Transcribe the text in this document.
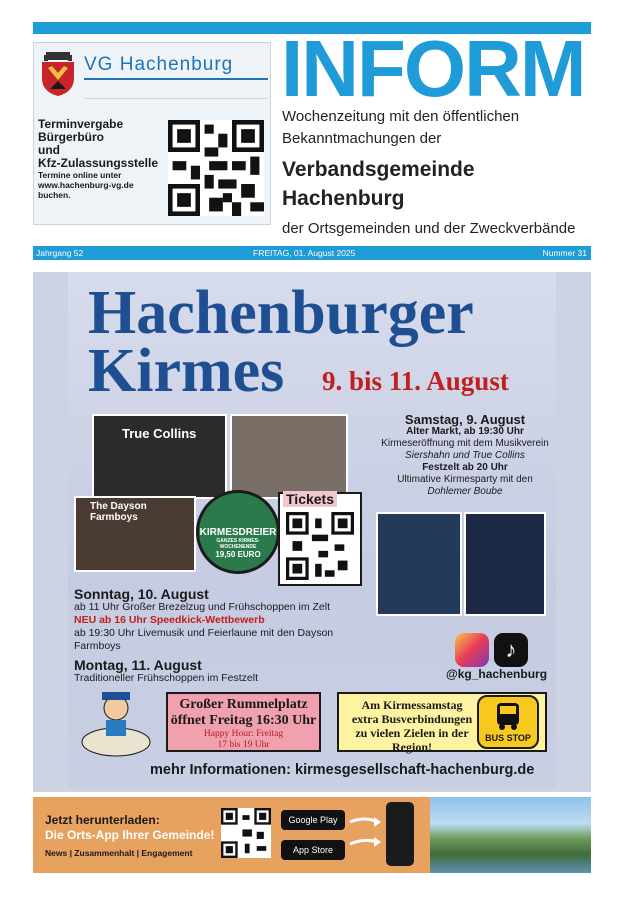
VG Hachenburg
Terminvergabe
Bürgerbüro
und
Kfz-Zulassungsstelle
Termine online unter
www.hachenburg-vg.de
buchen.
INFORM
Wochenzeitung mit den öffentlichen
Bekanntmachungen der
Verbandsgemeinde
Hachenburg
der Ortsgemeinden und der Zweckverbände
Jahrgang 52	FREITAG, 01. August 2025	Nummer 31
Hachenburger
Kirmes 9. bis 11. August
True Collins
The Dayson Farmboys
KIRMESDREIER
GANZES KIRMES-WOCHENENDE
19,50 EURO
Tickets
Samstag, 9. August
Alter Markt, ab 19:30 Uhr
Kirmeseröffnung mit dem Musikverein
Siershahn und True Collins
Festzelt ab 20 Uhr
Ultimative Kirmesparty mit den
Dohlemer Boube
Sonntag, 10. August
ab 11 Uhr Großer Brezelzug und Frühschoppen im Zelt
NEU ab 16 Uhr Speedkick-Wettbewerb
ab 19:30 Uhr Livemusik und Feierlaune mit den Dayson Farmboys
Montag, 11. August
Traditioneller Frühschoppen im Festzelt
♪
@kg_hachenburg
Großer Rummelplatz
öffnet Freitag 16:30 Uhr
Happy Hour: Freitag
17 bis 19 Uhr
Am Kirmessamstag
extra Busverbindungen
zu vielen Zielen in der
Region!
BUS STOP
mehr Informationen: kirmesgesellschaft-hachenburg.de
Jetzt herunterladen:
Die Orts-App Ihrer Gemeinde!
News | Zusammenhalt | Engagement
Google Play
App Store
